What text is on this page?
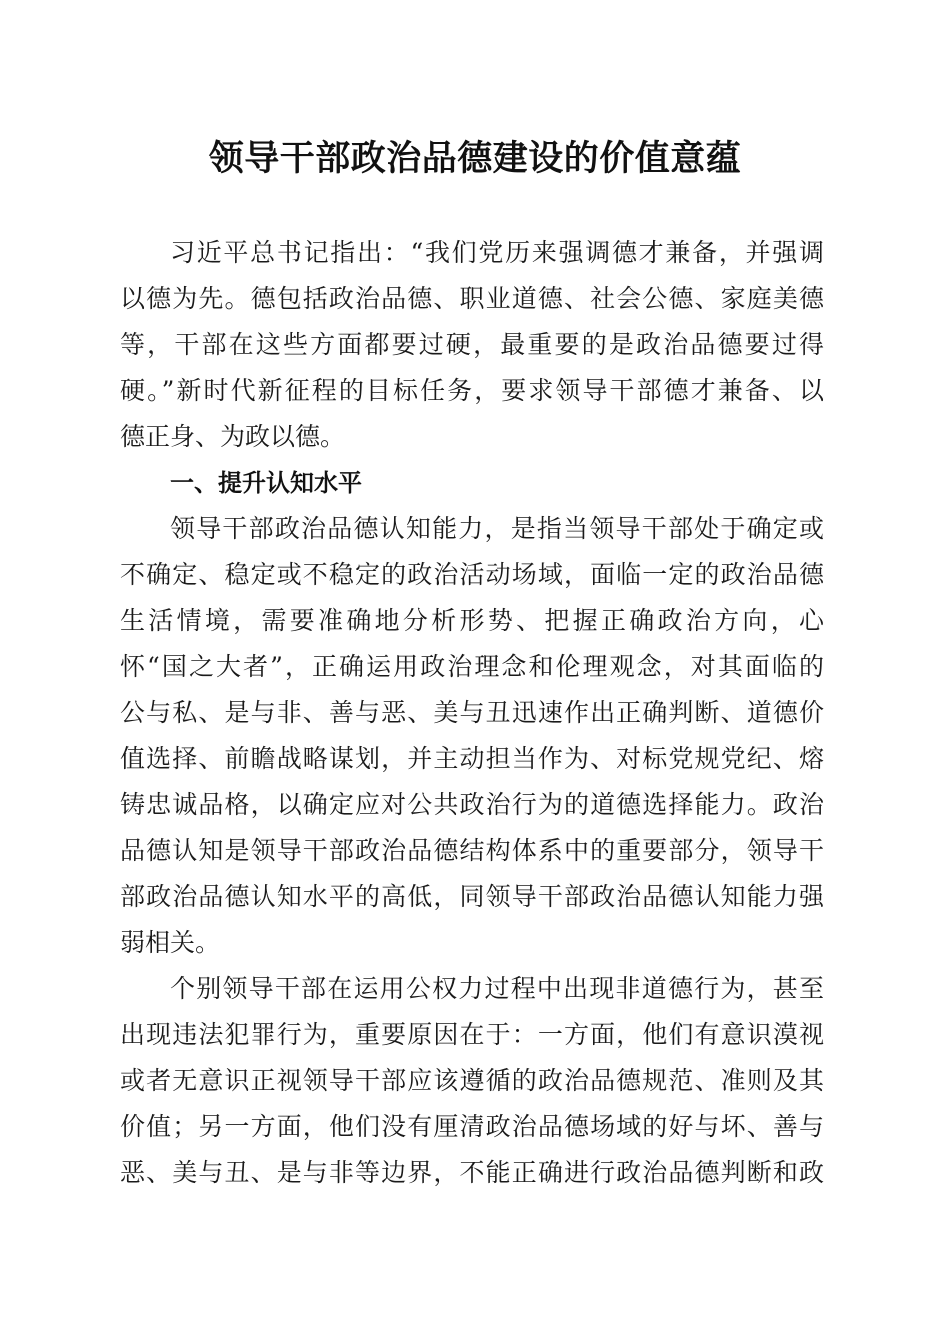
领导干部政治品德建设的价值意蕴
习近平总书记指出：“我们党历来强调德才兼备，并强调
以德为先。德包括政治品德、职业道德、社会公德、家庭美德
等，干部在这些方面都要过硬，最重要的是政治品德要过得
硬。”新时代新征程的目标任务，要求领导干部德才兼备、以
德正身、为政以德。
一、提升认知水平
领导干部政治品德认知能力，是指当领导干部处于确定或
不确定、稳定或不稳定的政治活动场域，面临一定的政治品德
生活情境，需要准确地分析形势、把握正确政治方向，心
怀“国之大者”，正确运用政治理念和伦理观念，对其面临的
公与私、是与非、善与恶、美与丑迅速作出正确判断、道德价
值选择、前瞻战略谋划，并主动担当作为、对标党规党纪、熔
铸忠诚品格，以确定应对公共政治行为的道德选择能力。政治
品德认知是领导干部政治品德结构体系中的重要部分，领导干
部政治品德认知水平的高低，同领导干部政治品德认知能力强
弱相关。
个别领导干部在运用公权力过程中出现非道德行为，甚至
出现违法犯罪行为，重要原因在于：一方面，他们有意识漠视
或者无意识正视领导干部应该遵循的政治品德规范、准则及其
价值；另一方面，他们没有厘清政治品德场域的好与坏、善与
恶、美与丑、是与非等边界，不能正确进行政治品德判断和政
